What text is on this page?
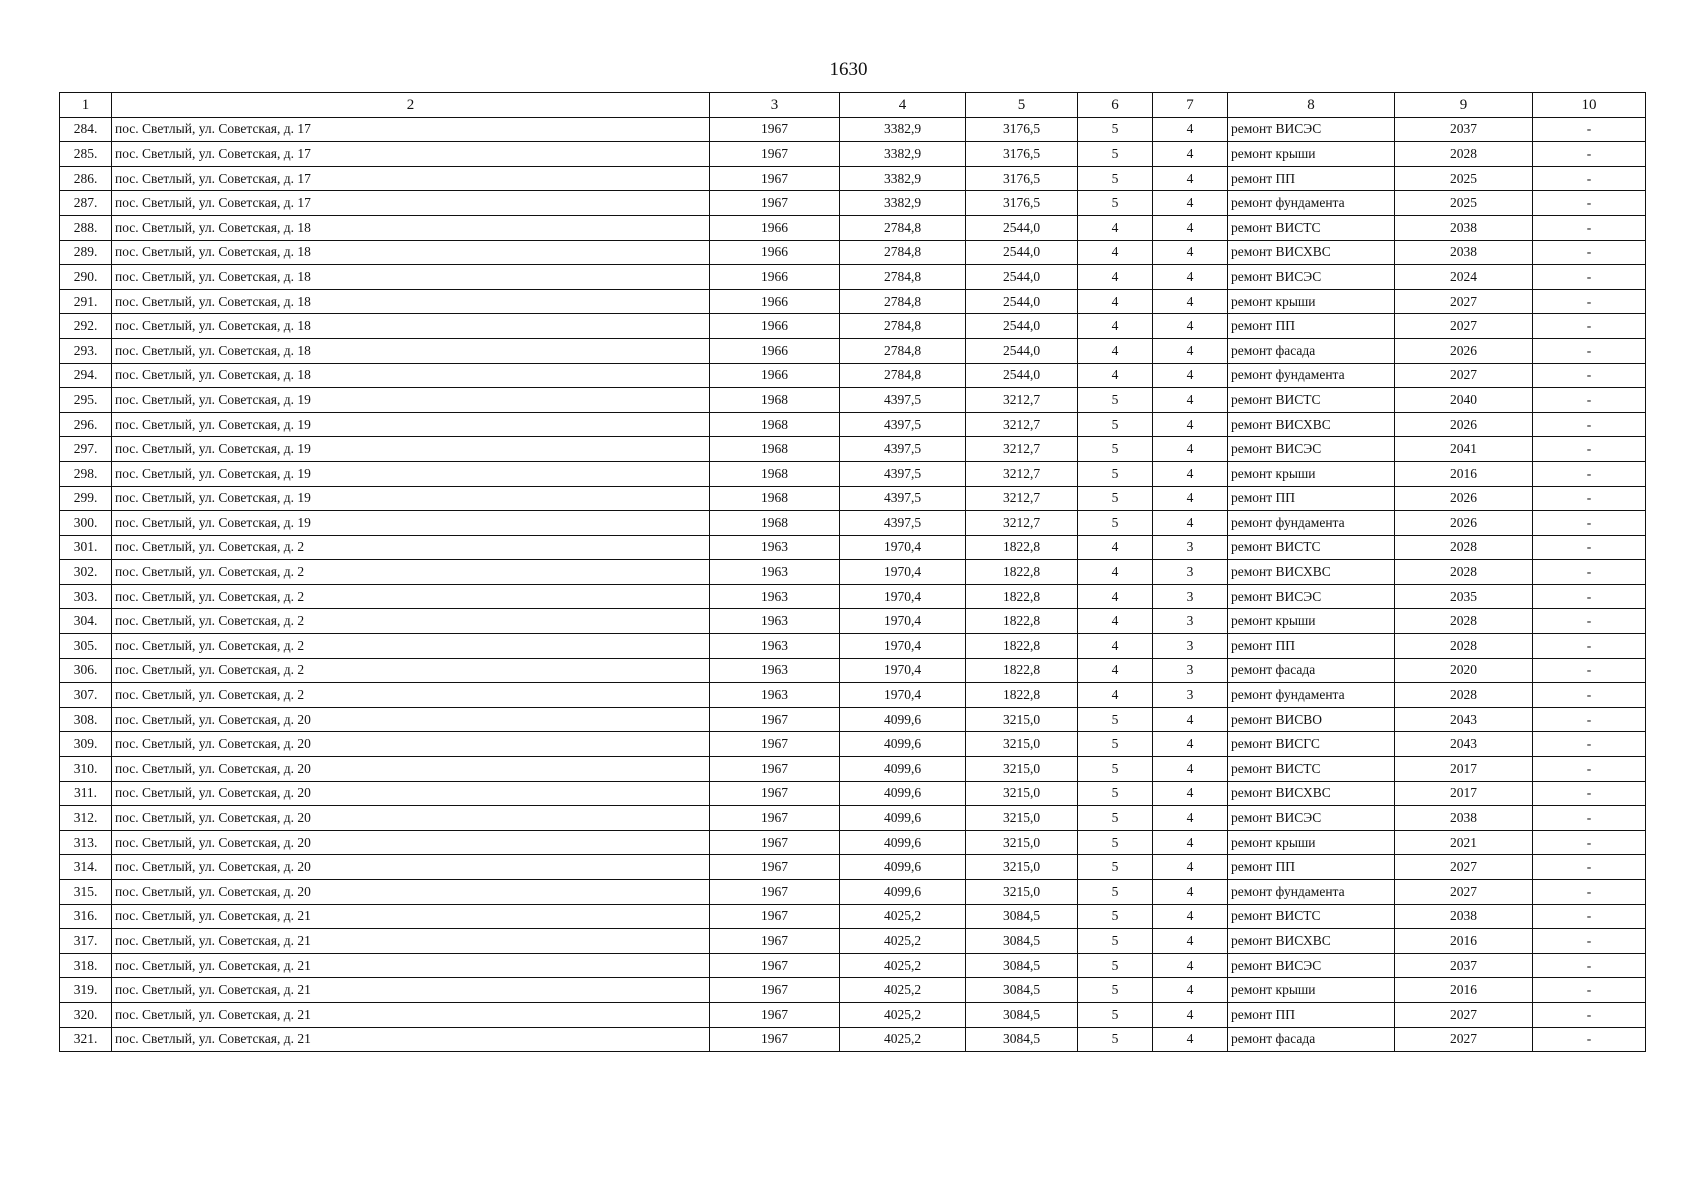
1630
1	2	3	4	5	6	7	8	9	10
284.	пос. Светлый, ул. Советская, д. 17	1967	3382,9	3176,5	5	4	ремонт ВИСЭС	2037	-
285.	пос. Светлый, ул. Советская, д. 17	1967	3382,9	3176,5	5	4	ремонт крыши	2028	-
286.	пос. Светлый, ул. Советская, д. 17	1967	3382,9	3176,5	5	4	ремонт ПП	2025	-
287.	пос. Светлый, ул. Советская, д. 17	1967	3382,9	3176,5	5	4	ремонт фундамента	2025	-
288.	пос. Светлый, ул. Советская, д. 18	1966	2784,8	2544,0	4	4	ремонт ВИСТС	2038	-
289.	пос. Светлый, ул. Советская, д. 18	1966	2784,8	2544,0	4	4	ремонт ВИСХВС	2038	-
290.	пос. Светлый, ул. Советская, д. 18	1966	2784,8	2544,0	4	4	ремонт ВИСЭС	2024	-
291.	пос. Светлый, ул. Советская, д. 18	1966	2784,8	2544,0	4	4	ремонт крыши	2027	-
292.	пос. Светлый, ул. Советская, д. 18	1966	2784,8	2544,0	4	4	ремонт ПП	2027	-
293.	пос. Светлый, ул. Советская, д. 18	1966	2784,8	2544,0	4	4	ремонт фасада	2026	-
294.	пос. Светлый, ул. Советская, д. 18	1966	2784,8	2544,0	4	4	ремонт фундамента	2027	-
295.	пос. Светлый, ул. Советская, д. 19	1968	4397,5	3212,7	5	4	ремонт ВИСТС	2040	-
296.	пос. Светлый, ул. Советская, д. 19	1968	4397,5	3212,7	5	4	ремонт ВИСХВС	2026	-
297.	пос. Светлый, ул. Советская, д. 19	1968	4397,5	3212,7	5	4	ремонт ВИСЭС	2041	-
298.	пос. Светлый, ул. Советская, д. 19	1968	4397,5	3212,7	5	4	ремонт крыши	2016	-
299.	пос. Светлый, ул. Советская, д. 19	1968	4397,5	3212,7	5	4	ремонт ПП	2026	-
300.	пос. Светлый, ул. Советская, д. 19	1968	4397,5	3212,7	5	4	ремонт фундамента	2026	-
301.	пос. Светлый, ул. Советская, д. 2	1963	1970,4	1822,8	4	3	ремонт ВИСТС	2028	-
302.	пос. Светлый, ул. Советская, д. 2	1963	1970,4	1822,8	4	3	ремонт ВИСХВС	2028	-
303.	пос. Светлый, ул. Советская, д. 2	1963	1970,4	1822,8	4	3	ремонт ВИСЭС	2035	-
304.	пос. Светлый, ул. Советская, д. 2	1963	1970,4	1822,8	4	3	ремонт крыши	2028	-
305.	пос. Светлый, ул. Советская, д. 2	1963	1970,4	1822,8	4	3	ремонт ПП	2028	-
306.	пос. Светлый, ул. Советская, д. 2	1963	1970,4	1822,8	4	3	ремонт фасада	2020	-
307.	пос. Светлый, ул. Советская, д. 2	1963	1970,4	1822,8	4	3	ремонт фундамента	2028	-
308.	пос. Светлый, ул. Советская, д. 20	1967	4099,6	3215,0	5	4	ремонт ВИСВО	2043	-
309.	пос. Светлый, ул. Советская, д. 20	1967	4099,6	3215,0	5	4	ремонт ВИСГС	2043	-
310.	пос. Светлый, ул. Советская, д. 20	1967	4099,6	3215,0	5	4	ремонт ВИСТС	2017	-
311.	пос. Светлый, ул. Советская, д. 20	1967	4099,6	3215,0	5	4	ремонт ВИСХВС	2017	-
312.	пос. Светлый, ул. Советская, д. 20	1967	4099,6	3215,0	5	4	ремонт ВИСЭС	2038	-
313.	пос. Светлый, ул. Советская, д. 20	1967	4099,6	3215,0	5	4	ремонт крыши	2021	-
314.	пос. Светлый, ул. Советская, д. 20	1967	4099,6	3215,0	5	4	ремонт ПП	2027	-
315.	пос. Светлый, ул. Советская, д. 20	1967	4099,6	3215,0	5	4	ремонт фундамента	2027	-
316.	пос. Светлый, ул. Советская, д. 21	1967	4025,2	3084,5	5	4	ремонт ВИСТС	2038	-
317.	пос. Светлый, ул. Советская, д. 21	1967	4025,2	3084,5	5	4	ремонт ВИСХВС	2016	-
318.	пос. Светлый, ул. Советская, д. 21	1967	4025,2	3084,5	5	4	ремонт ВИСЭС	2037	-
319.	пос. Светлый, ул. Советская, д. 21	1967	4025,2	3084,5	5	4	ремонт крыши	2016	-
320.	пос. Светлый, ул. Советская, д. 21	1967	4025,2	3084,5	5	4	ремонт ПП	2027	-
321.	пос. Светлый, ул. Советская, д. 21	1967	4025,2	3084,5	5	4	ремонт фасада	2027	-
